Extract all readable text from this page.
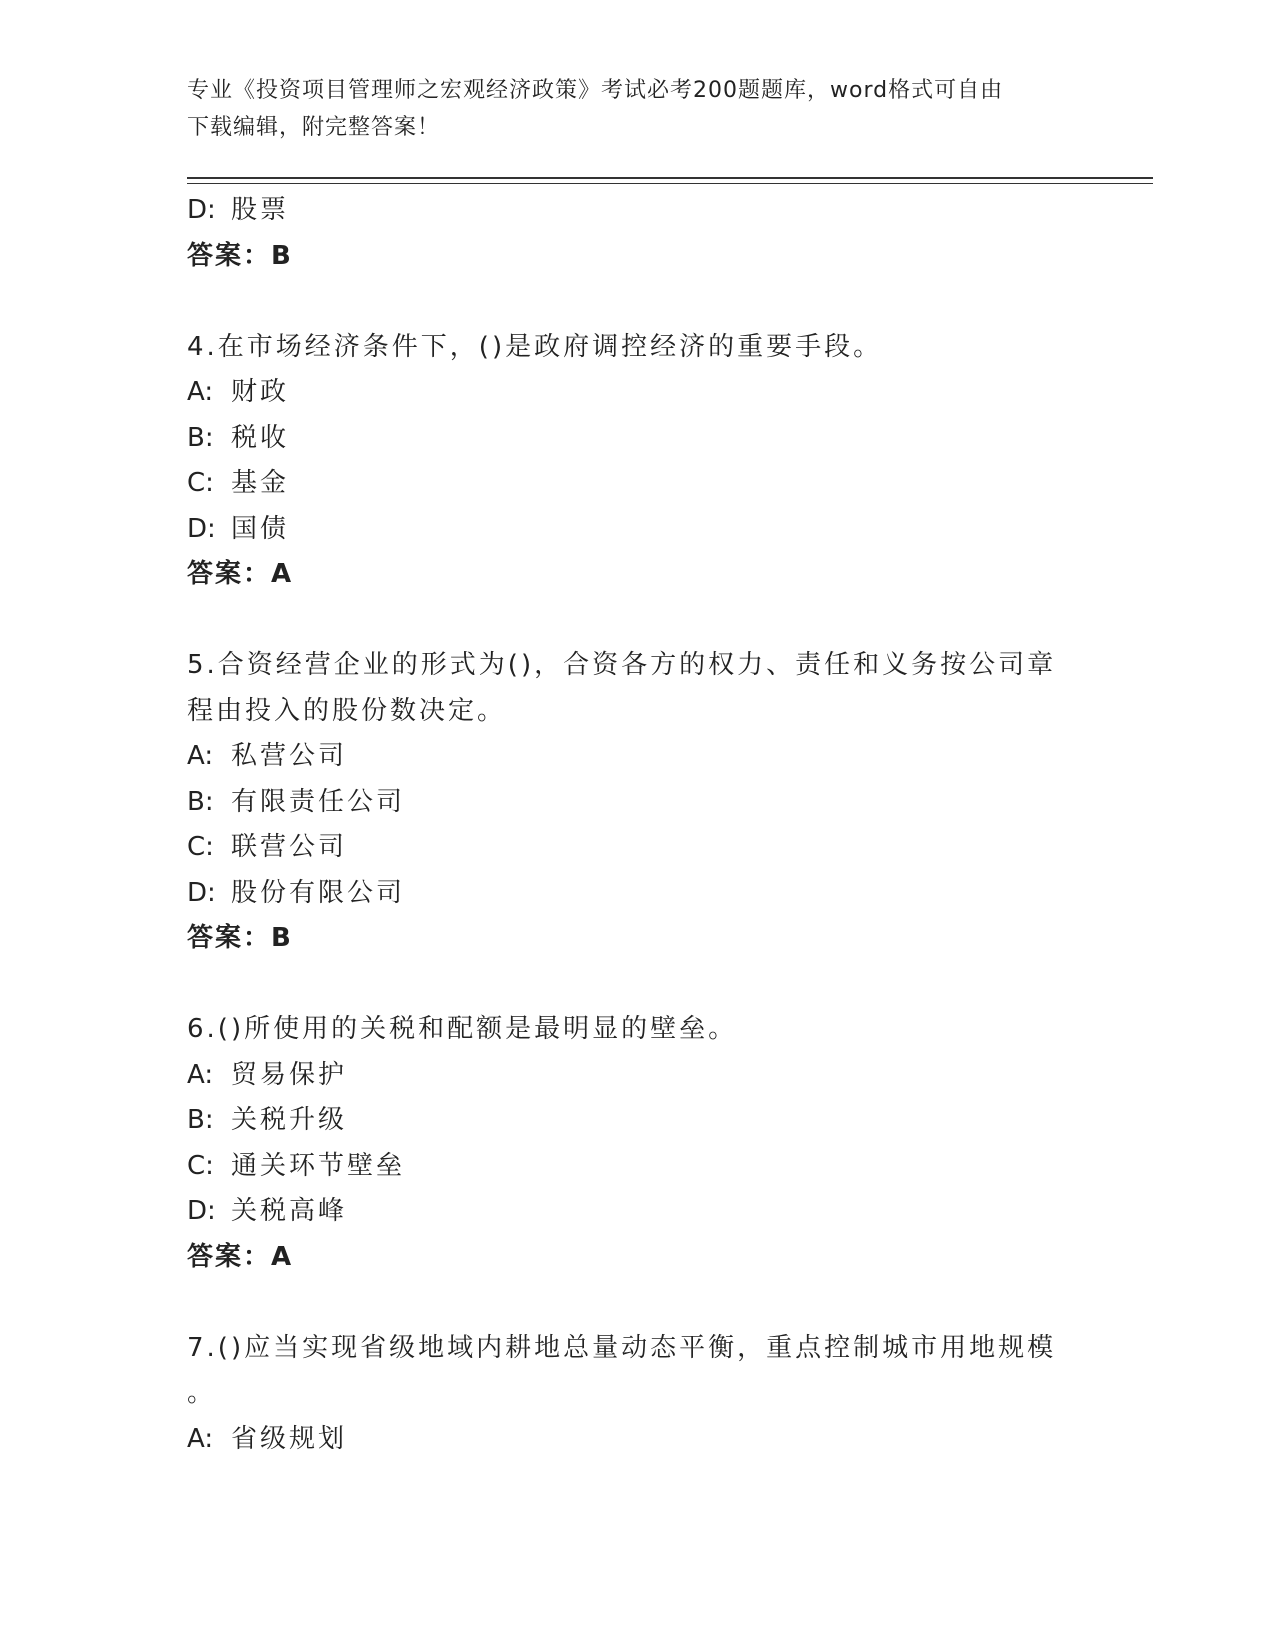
专业《投资项目管理师之宏观经济政策》考试必考200题题库，word格式可自由
下载编辑，附完整答案！
D: 股票
答案：B
4.在市场经济条件下，()是政府调控经济的重要手段。
A: 财政
B: 税收
C: 基金
D: 国债
答案：A
5.合资经营企业的形式为()，合资各方的权力、责任和义务按公司章
程由投入的股份数决定。
A: 私营公司
B: 有限责任公司
C: 联营公司
D: 股份有限公司
答案：B
6.()所使用的关税和配额是最明显的壁垒。
A: 贸易保护
B: 关税升级
C: 通关环节壁垒
D: 关税高峰
答案：A
7.()应当实现省级地域内耕地总量动态平衡，重点控制城市用地规模
。
A: 省级规划
